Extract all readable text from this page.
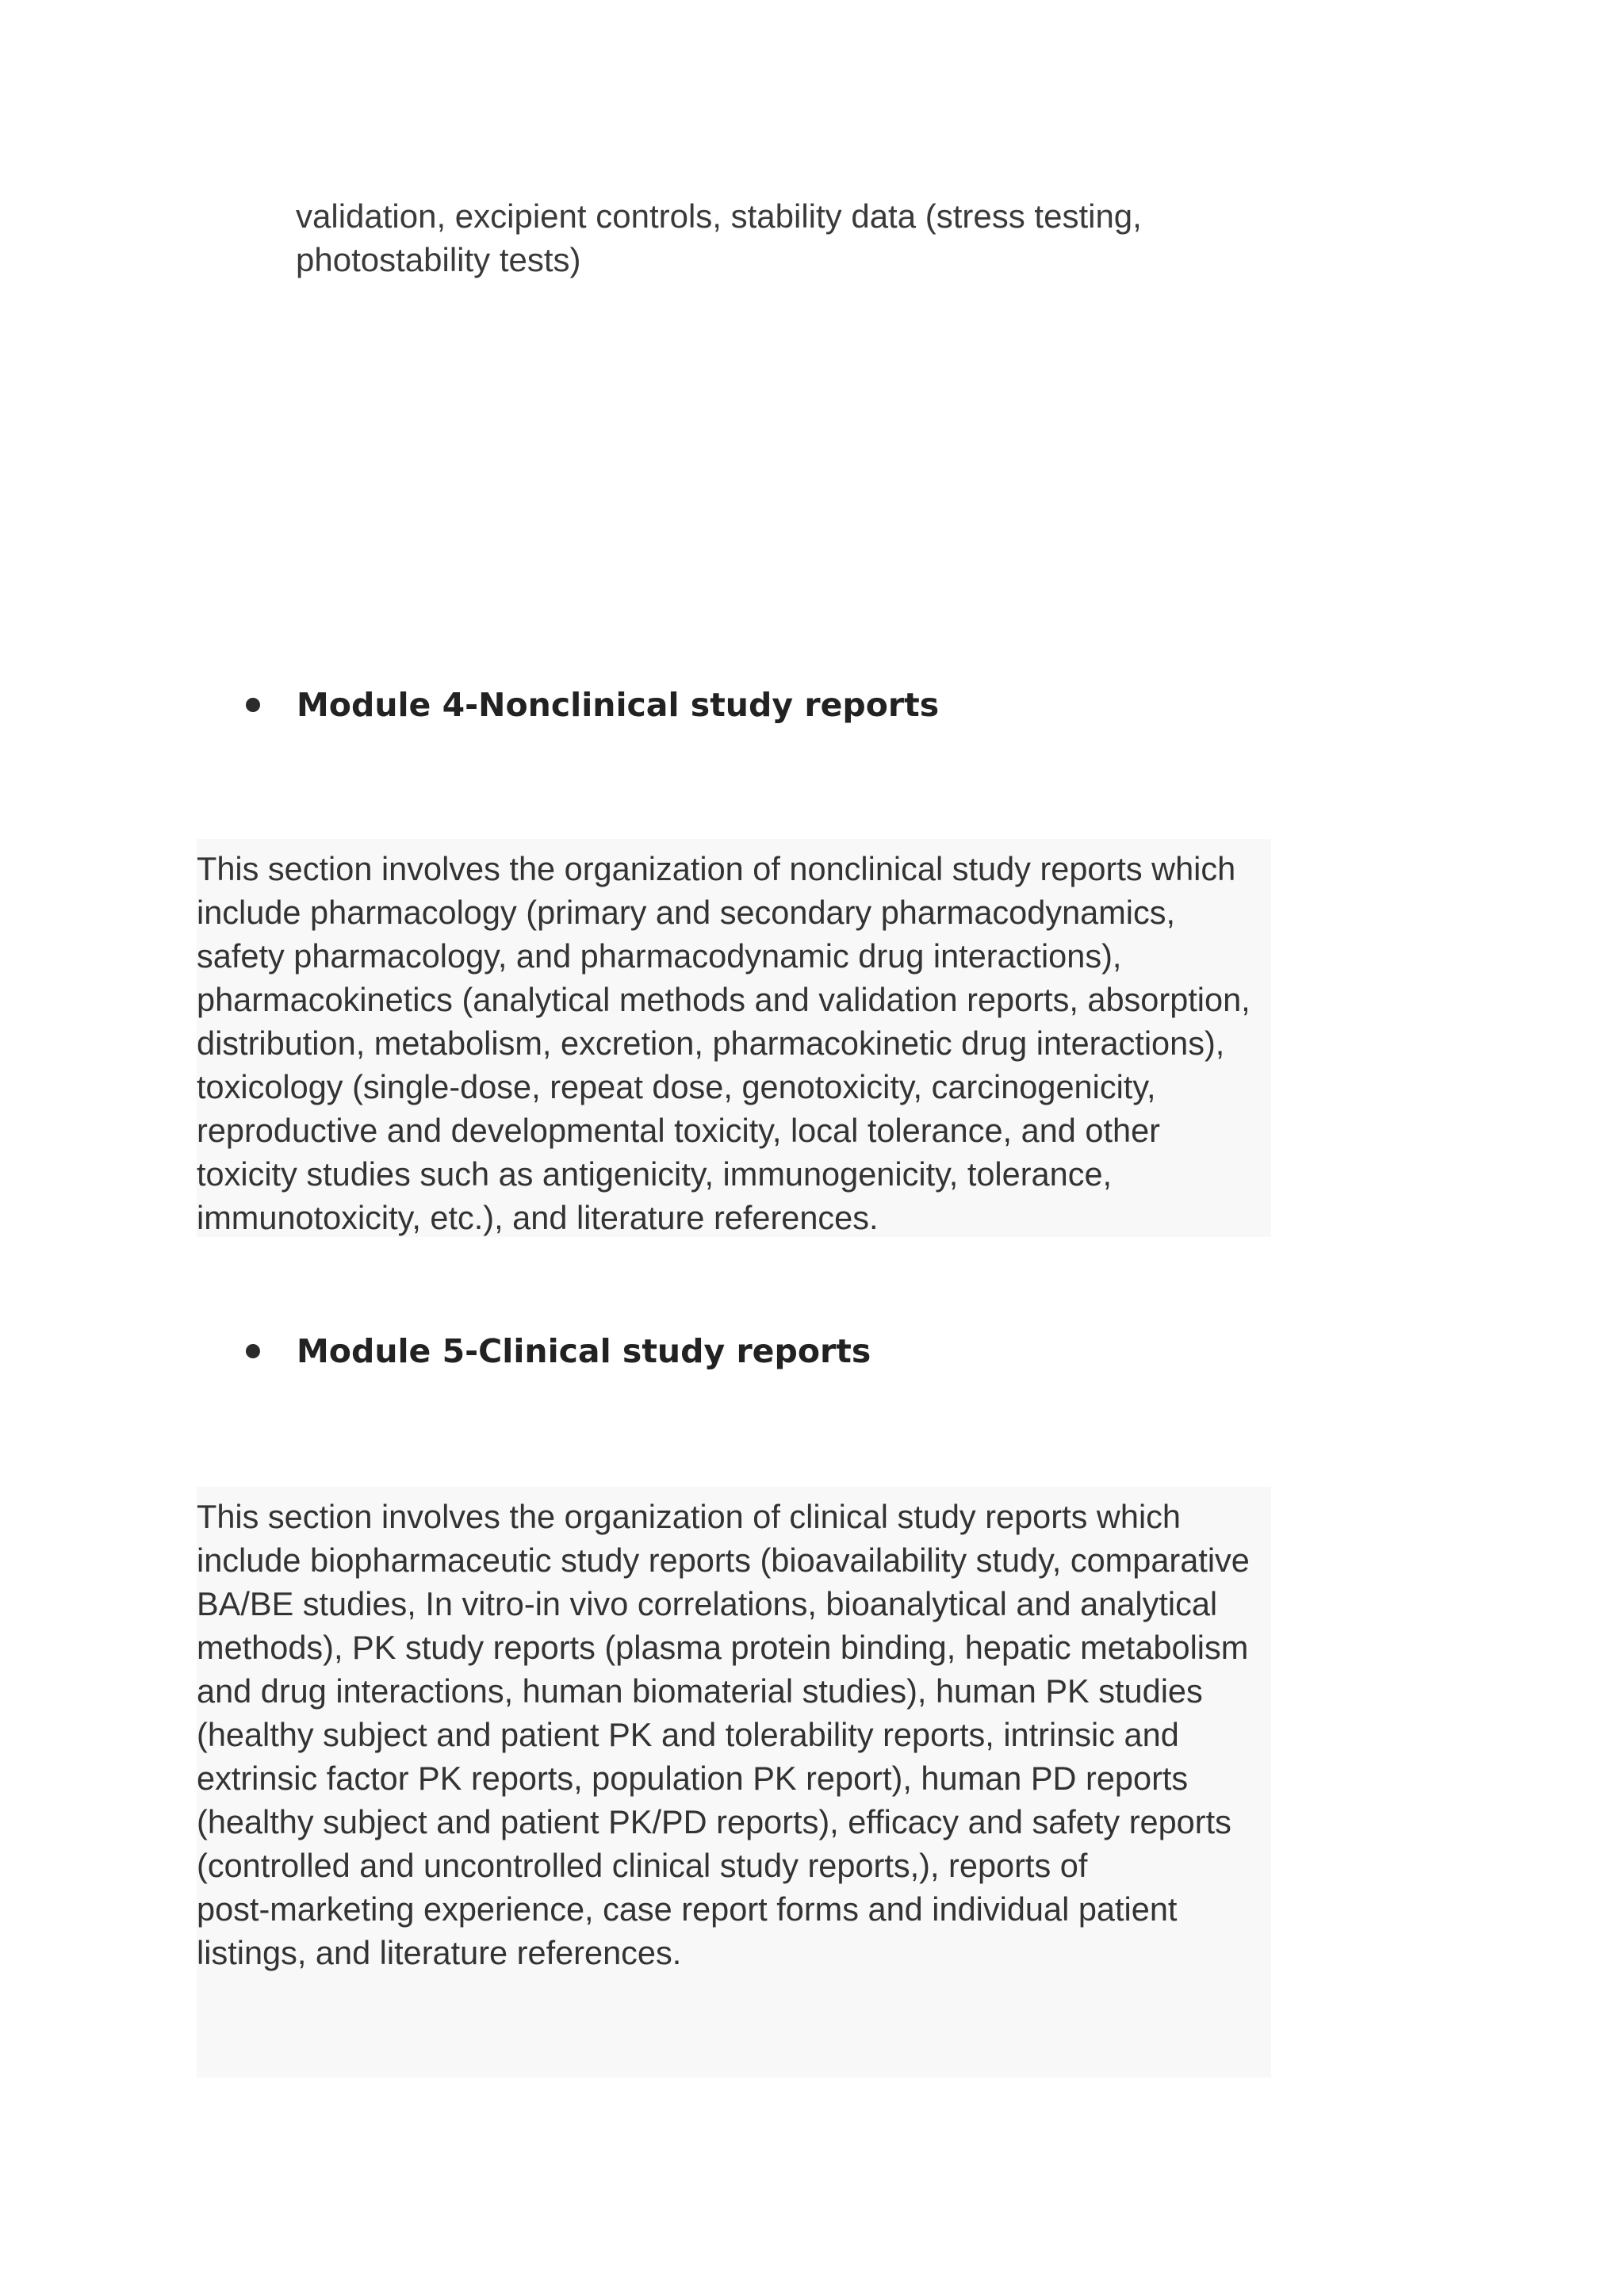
validation, excipient controls, stability data (stress testing,
photostability tests)

Module 4-Nonclinical study reports

This section involves the organization of nonclinical study reports which
include pharmacology (primary and secondary pharmacodynamics,
safety pharmacology, and pharmacodynamic drug interactions),
pharmacokinetics (analytical methods and validation reports, absorption,
distribution, metabolism, excretion, pharmacokinetic drug interactions),
toxicology (single-dose, repeat dose, genotoxicity, carcinogenicity,
reproductive and developmental toxicity, local tolerance, and other
toxicity studies such as antigenicity, immunogenicity, tolerance,
immunotoxicity, etc.), and literature references.

Module 5-Clinical study reports

This section involves the organization of clinical study reports which
include biopharmaceutic study reports (bioavailability study, comparative
BA/BE studies, In vitro-in vivo correlations, bioanalytical and analytical
methods), PK study reports (plasma protein binding, hepatic metabolism
and drug interactions, human biomaterial studies), human PK studies
(healthy subject and patient PK and tolerability reports, intrinsic and
extrinsic factor PK reports, population PK report), human PD reports
(healthy subject and patient PK/PD reports), efficacy and safety reports
(controlled and uncontrolled clinical study reports,), reports of
post-marketing experience, case report forms and individual patient
listings, and literature references.
